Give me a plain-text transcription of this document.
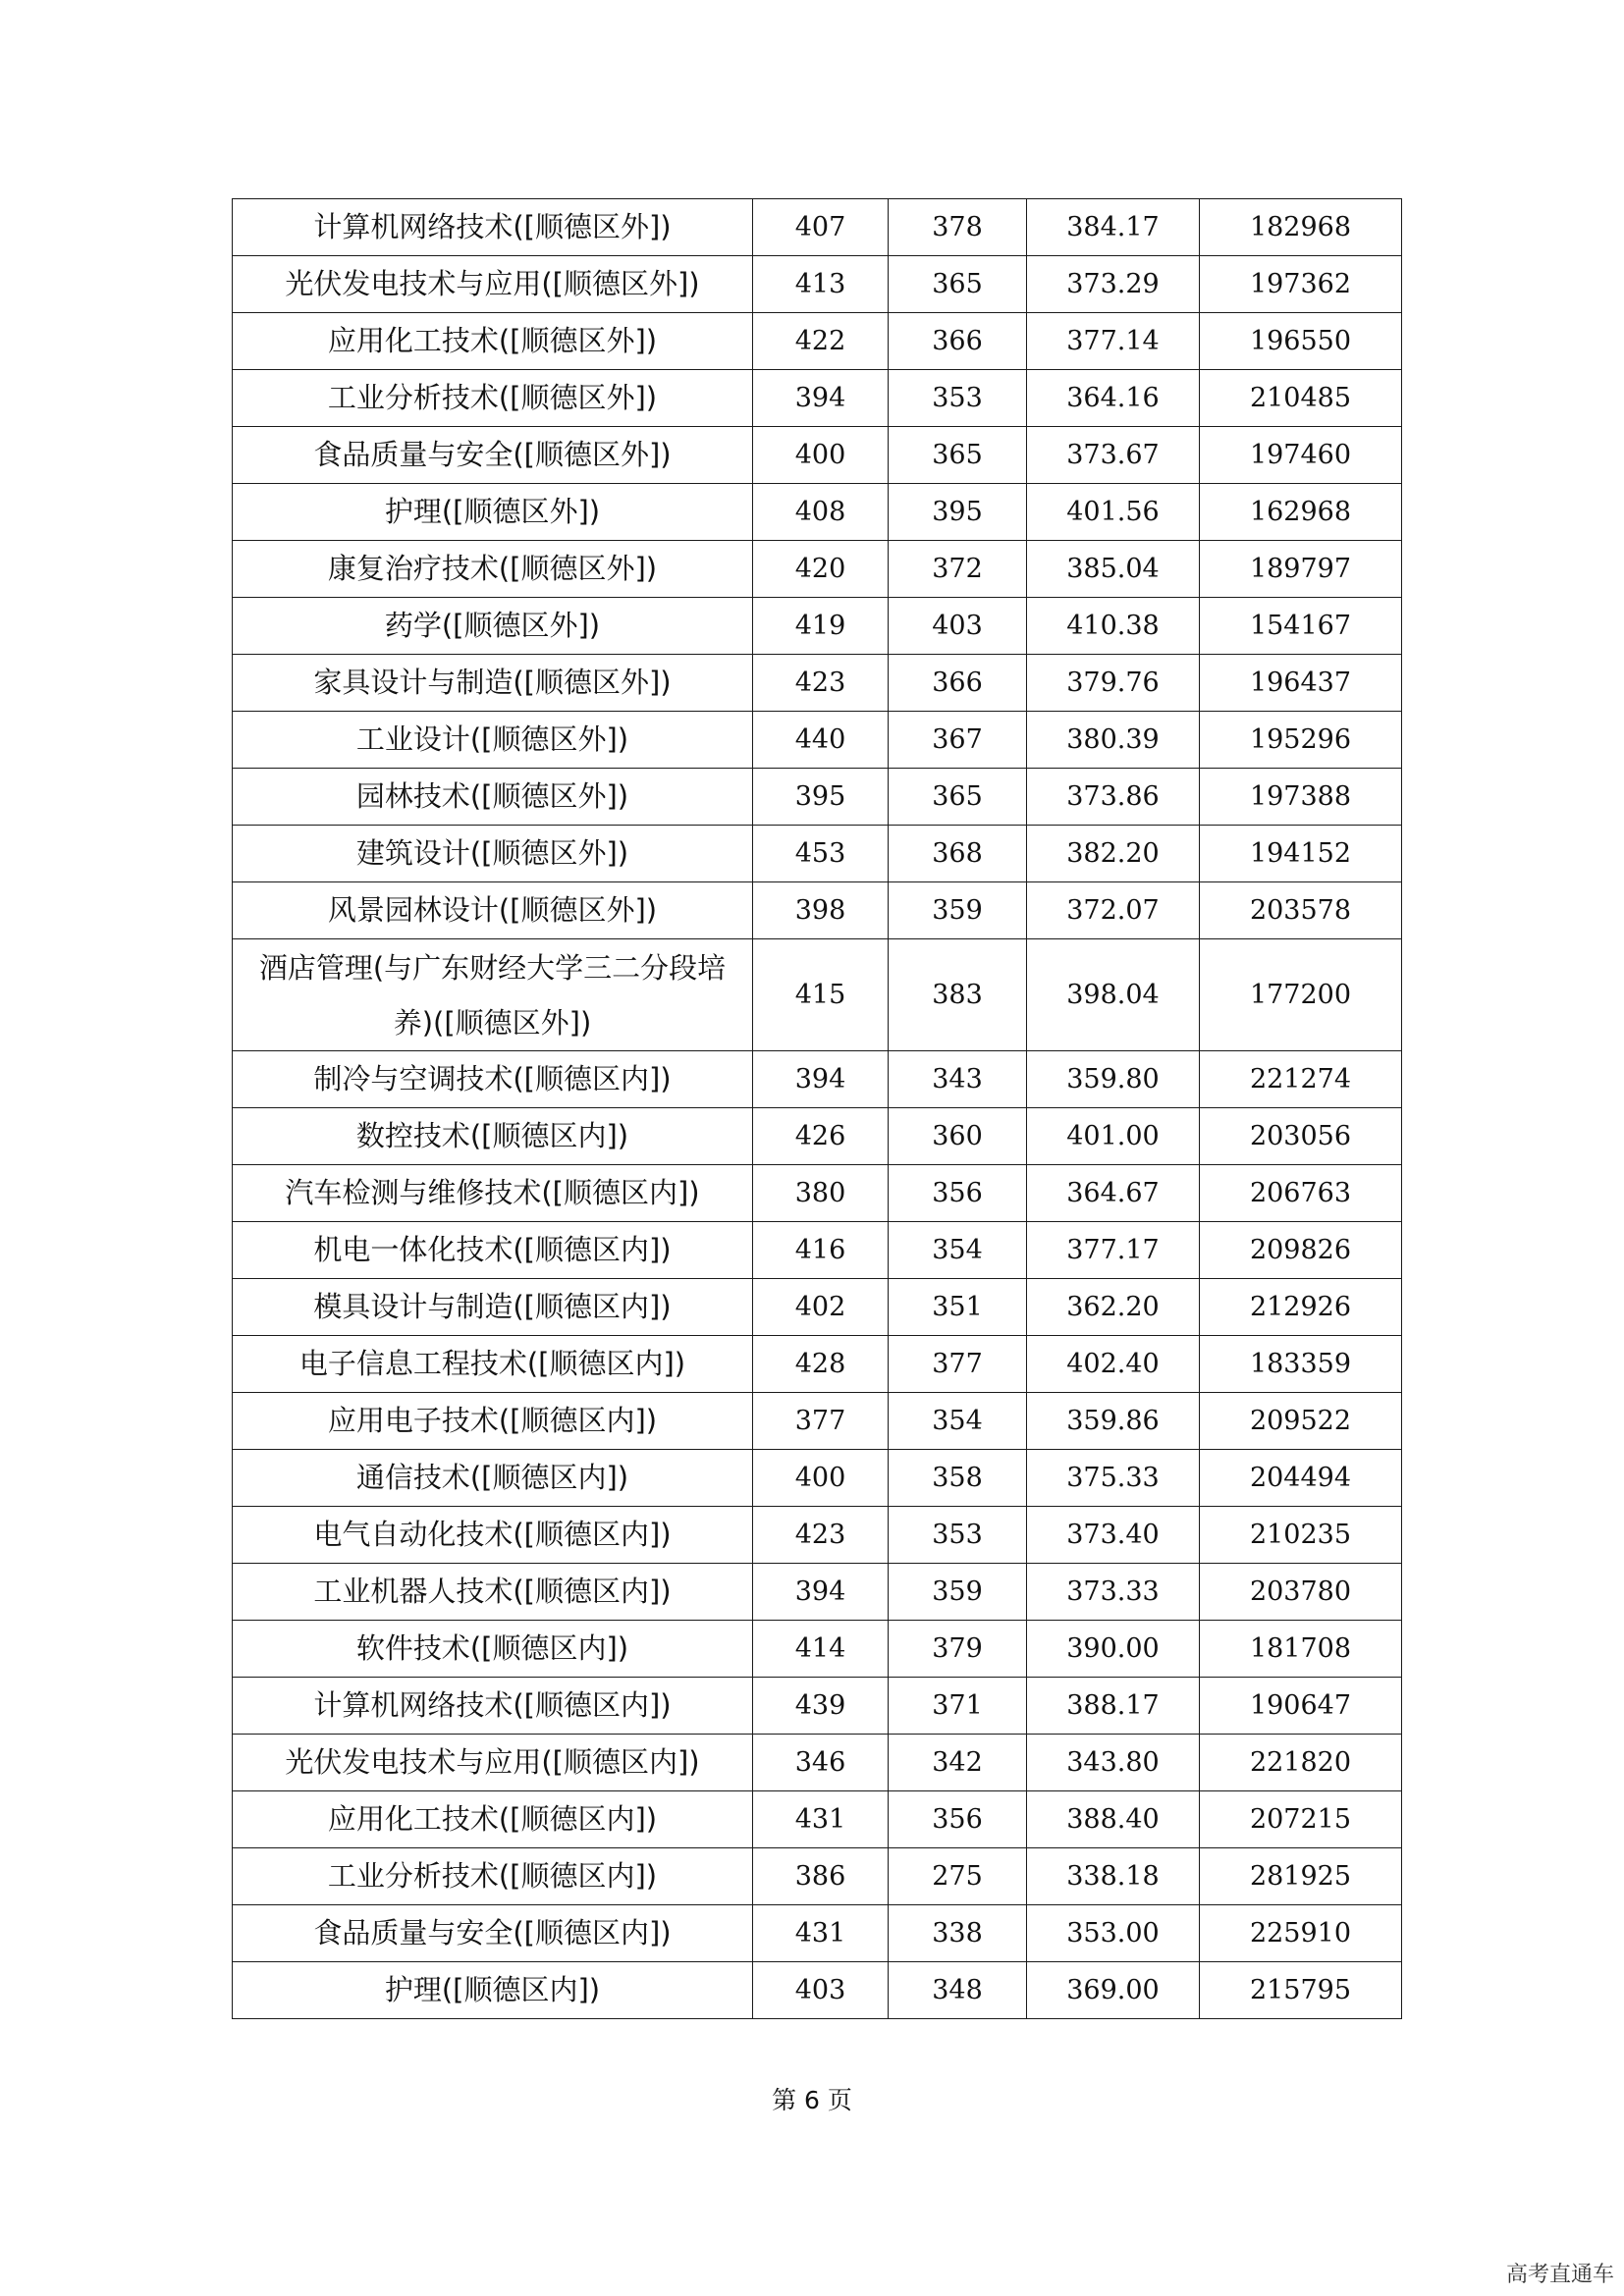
计算机网络技术([顺德区外])	407	378	384.17	182968
光伏发电技术与应用([顺德区外])	413	365	373.29	197362
应用化工技术([顺德区外])	422	366	377.14	196550
工业分析技术([顺德区外])	394	353	364.16	210485
食品质量与安全([顺德区外])	400	365	373.67	197460
护理([顺德区外])	408	395	401.56	162968
康复治疗技术([顺德区外])	420	372	385.04	189797
药学([顺德区外])	419	403	410.38	154167
家具设计与制造([顺德区外])	423	366	379.76	196437
工业设计([顺德区外])	440	367	380.39	195296
园林技术([顺德区外])	395	365	373.86	197388
建筑设计([顺德区外])	453	368	382.20	194152
风景园林设计([顺德区外])	398	359	372.07	203578
酒店管理(与广东财经大学三二分段培养)([顺德区外])	415	383	398.04	177200
制冷与空调技术([顺德区内])	394	343	359.80	221274
数控技术([顺德区内])	426	360	401.00	203056
汽车检测与维修技术([顺德区内])	380	356	364.67	206763
机电一体化技术([顺德区内])	416	354	377.17	209826
模具设计与制造([顺德区内])	402	351	362.20	212926
电子信息工程技术([顺德区内])	428	377	402.40	183359
应用电子技术([顺德区内])	377	354	359.86	209522
通信技术([顺德区内])	400	358	375.33	204494
电气自动化技术([顺德区内])	423	353	373.40	210235
工业机器人技术([顺德区内])	394	359	373.33	203780
软件技术([顺德区内])	414	379	390.00	181708
计算机网络技术([顺德区内])	439	371	388.17	190647
光伏发电技术与应用([顺德区内])	346	342	343.80	221820
应用化工技术([顺德区内])	431	356	388.40	207215
工业分析技术([顺德区内])	386	275	338.18	281925
食品质量与安全([顺德区内])	431	338	353.00	225910
护理([顺德区内])	403	348	369.00	215795
第 6 页
高考直通车
